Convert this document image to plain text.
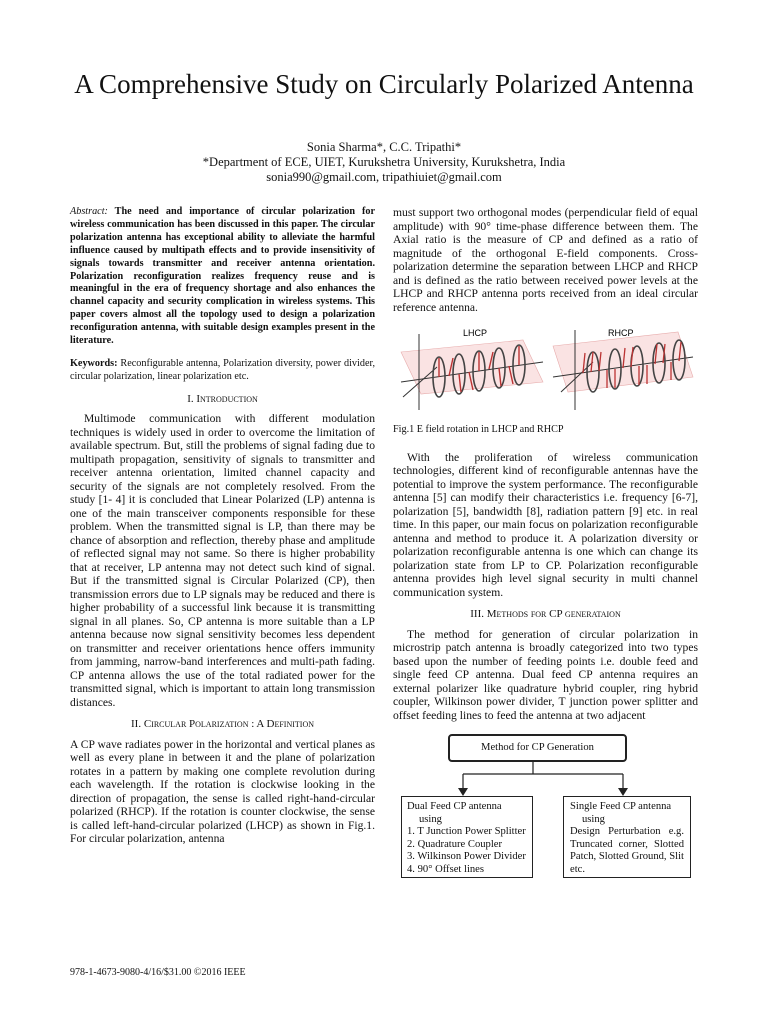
A Comprehensive Study on Circularly Polarized Antenna
Sonia Sharma*, C.C. Tripathi*
*Department of ECE, UIET, Kurukshetra University, Kurukshetra, India
sonia990@gmail.com, tripathiuiet@gmail.com
Abstract: The need and importance of circular polarization for wireless communication has been discussed in this paper. The circular polarization antenna has exceptional ability to alleviate the harmful influence caused by multipath effects and to provide insensitivity of signals towards transmitter and receiver antenna orientation. Polarization reconfiguration realizes frequency reuse and is meaningful in the era of frequency shortage and also enhances the channel capacity and security complication in wireless systems. This paper covers almost all the topology used to design a polarization reconfiguration antenna, with suitable design examples present in the literature.
Keywords: Reconfigurable antenna, Polarization diversity, power divider, circular polarization, linear polarization etc.
I. Introduction

Multimode communication with different modulation techniques is widely used in order to overcome the limitation of available spectrum. But, still the problems of signal fading due to multipath propagation, sensitivity of signals to transmitter and receiver antenna orientation, limited channel capacity and security of the signals are not completely resolved. From the study [1- 4] it is concluded that Linear Polarized (LP) antenna is one of the main transceiver components responsible for these problem. When the transmitted signal is LP, than there may be chance of absorption and reflection, thereby phase and amplitude of reflected signal may not same. So there is higher probability that at receiver, LP antenna may not detect such kind of signal. But if the transmitted signal is Circular Polarized (CP), then transmission errors due to LP signals may be reduced and there is higher probability of a successful link because it is transmitting signal in all planes. So, CP antenna is more suitable than a LP antenna because now signal sensitivity becomes less dependent on transmitter and receiver orientations hence offers immunity from jamming, narrow-band interferences and multi-path fading. CP antenna allows the use of the total radiated power for the transmitted signal, which is important to attain long transmission distances.

II. Circular Polarization : A Definition

A CP wave radiates power in the horizontal and vertical planes as well as every plane in between it and the plane of polarization rotates in a pattern by making one complete revolution during each wavelength. If the rotation is clockwise looking in the direction of propagation, the sense is called right-hand-circular polarized (RHCP). If the rotation is counter clockwise, the sense is called left-hand-circular polarized (LHCP) as shown in Fig.1. For circular polarization, antenna

must support two orthogonal modes (perpendicular field of equal amplitude) with 90° time-phase difference between them. The Axial ratio is the measure of CP and defined as a ratio of magnitude of the orthogonal E-field components. Cross-polarization determine the separation between LHCP and RHCP and is defined as the ratio between received power levels at the LHCP and RHCP antenna ports received from an ideal circular reference antenna.

LHCP	RHCP
Fig.1 E field rotation in LHCP and RHCP

With the proliferation of wireless communication technologies, different kind of reconfigurable antennas have the potential to improve the system performance. The reconfigurable antenna [5] can modify their characteristics i.e. frequency [6-7], polarization [5], bandwidth [8], radiation pattern [9] etc. in real time. In this paper, our main focus on polarization reconfigurable antenna and method to produce it. A polarization diversity or polarization reconfigurable antenna is one which can change its polarization state from LP to CP. Polarization reconfigurable antenna provides high level signal security in multi channel communication system.

III. Methods for CP generataion

The method for generation of circular polarization in microstrip patch antenna is broadly categorized into two types based upon the number of feeding points i.e. double feed and single feed CP antenna. Dual feed CP antenna requires an external polarizer like quadrature hybrid coupler, ring hybrid coupler, Wilkinson power divider, T junction power splitter and offset feeding lines to feed the antenna at two adjacent

Method for CP Generation
Dual Feed CP antenna
using
1. T Junction Power Splitter
2. Quadrature Coupler
3. Wilkinson Power Divider
4. 90° Offset lines
Single Feed CP antenna
using
Design Perturbation e.g. Truncated corner, Slotted Patch, Slotted Ground, Slit etc.
978-1-4673-9080-4/16/$31.00 ©2016 IEEE
